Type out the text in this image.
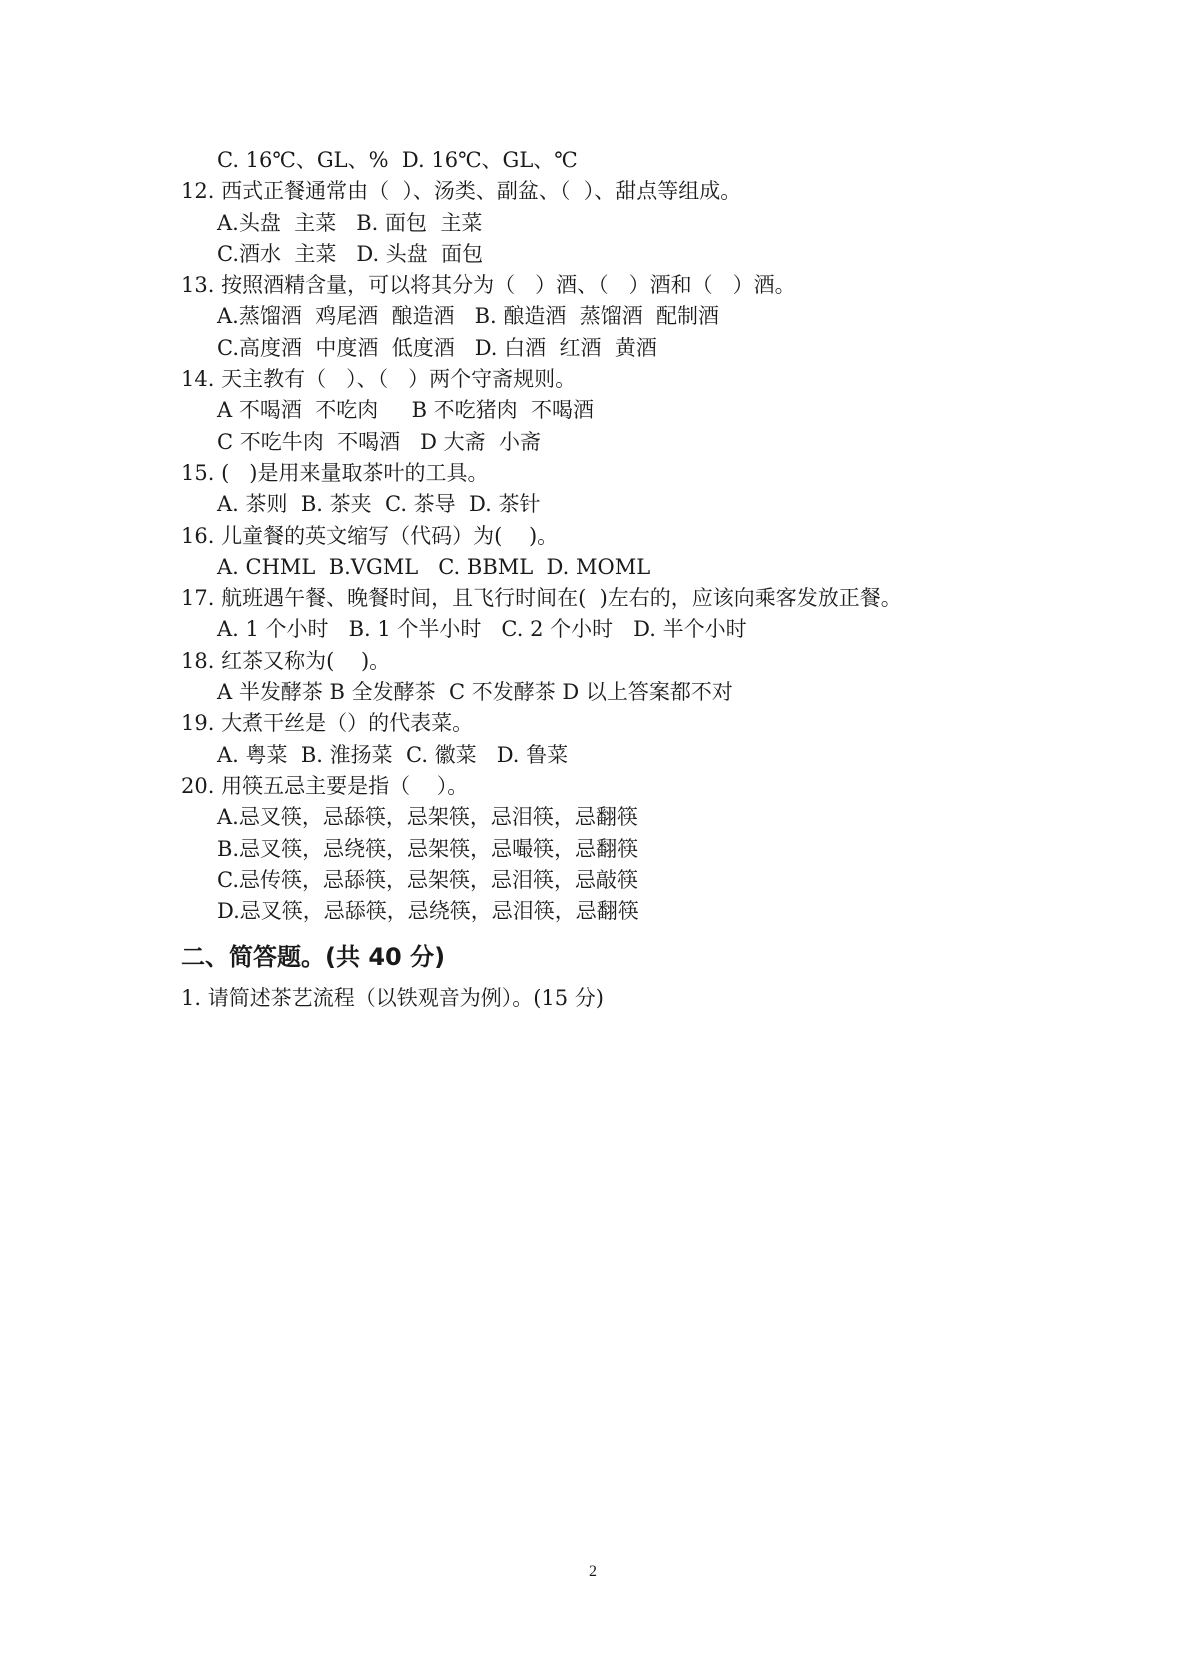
C. 16℃、GL、%  D. 16℃、GL、℃
12. 西式正餐通常由（  ）、汤类、副盆、（  ）、甜点等组成。
A.头盘  主菜   B. 面包  主菜
C.酒水  主菜   D. 头盘  面包
13. 按照酒精含量，可以将其分为（   ）酒、（   ）酒和（   ）酒。
A.蒸馏酒  鸡尾酒  酿造酒   B. 酿造酒  蒸馏酒  配制酒
C.高度酒  中度酒  低度酒   D. 白酒  红酒  黄酒
14. 天主教有（   ）、（   ）两个守斋规则。
A 不喝酒  不吃肉     B 不吃猪肉  不喝酒
C 不吃牛肉  不喝酒   D 大斋  小斋
15. (   )是用来量取茶叶的工具。
A. 茶则  B. 茶夹  C. 茶导  D. 茶针
16. 儿童餐的英文缩写（代码）为(    )。
A. CHML  B.VGML   C. BBML  D. MOML
17. 航班遇午餐、晚餐时间，且飞行时间在(  )左右的，应该向乘客发放正餐。
A. 1 个小时   B. 1 个半小时   C. 2 个小时   D. 半个小时
18. 红茶又称为(    )。
A 半发酵茶 B 全发酵茶  C 不发酵茶 D 以上答案都不对
19. 大煮干丝是（）的代表菜。
A. 粤菜  B. 淮扬菜  C. 徽菜   D. 鲁菜
20. 用筷五忌主要是指（    ）。
A.忌叉筷，忌舔筷，忌架筷，忌泪筷，忌翻筷
B.忌叉筷，忌绕筷，忌架筷，忌嘬筷，忌翻筷
C.忌传筷，忌舔筷，忌架筷，忌泪筷，忌敲筷
D.忌叉筷，忌舔筷，忌绕筷，忌泪筷，忌翻筷
二、简答题。(共 40 分)
1. 请简述茶艺流程（以铁观音为例）。(15 分)
2
